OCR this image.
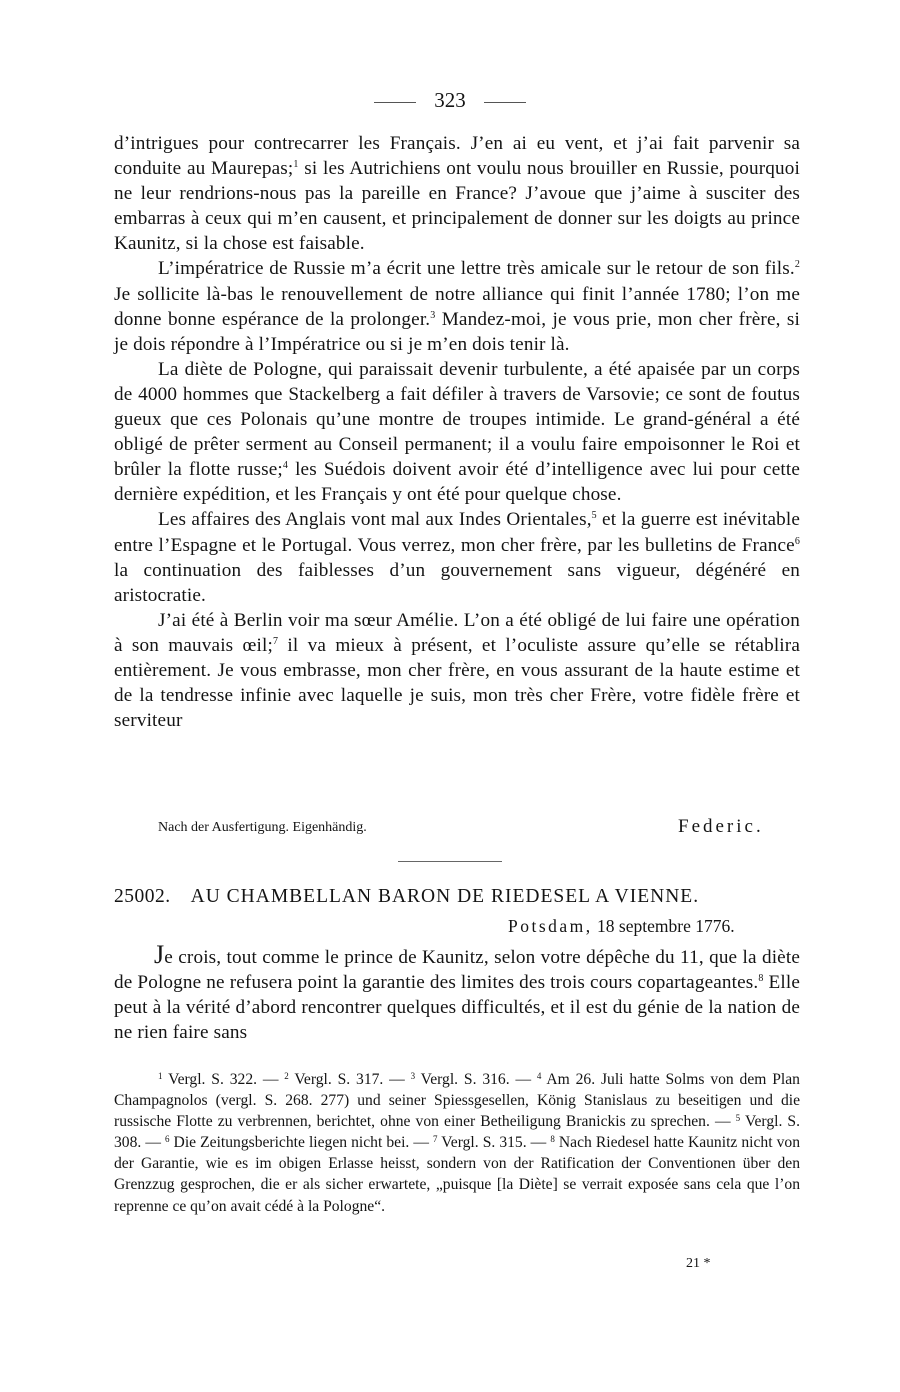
323

d’intrigues pour contrecarrer les Français. J’en ai eu vent, et j’ai fait parvenir sa conduite au Maurepas;$^1$ si les Autrichiens ont voulu nous brouiller en Russie, pourquoi ne leur rendrions-nous pas la pareille en France? J’avoue que j’aime à susciter des embarras à ceux qui m’en causent, et principalement de donner sur les doigts au prince Kaunitz, si la chose est faisable.

L’impératrice de Russie m’a écrit une lettre très amicale sur le retour de son fils.$^2$ Je sollicite là-bas le renouvellement de notre alliance qui finit l’année 1780; l’on me donne bonne espérance de la prolonger.$^3$ Mandez-moi, je vous prie, mon cher frère, si je dois répondre à l’Impératrice ou si je m’en dois tenir là.

La diète de Pologne, qui paraissait devenir turbulente, a été apaisée par un corps de 4000 hommes que Stackelberg a fait défiler à travers de Varsovie; ce sont de foutus gueux que ces Polonais qu’une montre de troupes intimide. Le grand-général a été obligé de prêter serment au Conseil permanent; il a voulu faire empoisonner le Roi et brûler la flotte russe;$^4$ les Suédois doivent avoir été d’intelligence avec lui pour cette dernière expédition, et les Français y ont été pour quelque chose.

Les affaires des Anglais vont mal aux Indes Orientales,$^5$ et la guerre est inévitable entre l’Espagne et le Portugal. Vous verrez, mon cher frère, par les bulletins de France$^6$ la continuation des faiblesses d’un gouvernement sans vigueur, dégénéré en aristocratie.

J’ai été à Berlin voir ma sœur Amélie. L’on a été obligé de lui faire une opération à son mauvais œil;$^7$ il va mieux à présent, et l’oculiste assure qu’elle se rétablira entièrement. Je vous embrasse, mon cher frère, en vous assurant de la haute estime et de la tendresse infinie avec laquelle je suis, mon très cher Frère, votre fidèle frère et serviteur

Nach der Ausfertigung. Eigenhändig.	Federic.
25002. AU CHAMBELLAN BARON DE RIEDESEL A VIENNE.
Potsdam, 18 septembre 1776.

Je crois, tout comme le prince de Kaunitz, selon votre dépêche du 11, que la diète de Pologne ne refusera point la garantie des limites des trois cours copartageantes.$^8$ Elle peut à la vérité d’abord rencontrer quelques difficultés, et il est du génie de la nation de ne rien faire sans

$^1$ Vergl. S. 322. — $^2$ Vergl. S. 317. — $^3$ Vergl. S. 316. — $^4$ Am 26. Juli hatte Solms von dem Plan Champagnolos (vergl. S. 268. 277) und seiner Spiessgesellen, König Stanislaus zu beseitigen und die russische Flotte zu verbrennen, berichtet, ohne von einer Betheiligung Branickis zu sprechen. — $^5$ Vergl. S. 308. — $^6$ Die Zeitungsberichte liegen nicht bei. — $^7$ Vergl. S. 315. — $^8$ Nach Riedesel hatte Kaunitz nicht von der Garantie, wie es im obigen Erlasse heisst, sondern von der Ratification der Conventionen über den Grenzzug gesprochen, die er als sicher erwartete, „puisque [la Diète] se verrait exposée sans cela que l’on reprenne ce qu’on avait cédé à la Pologne“.

21 *
